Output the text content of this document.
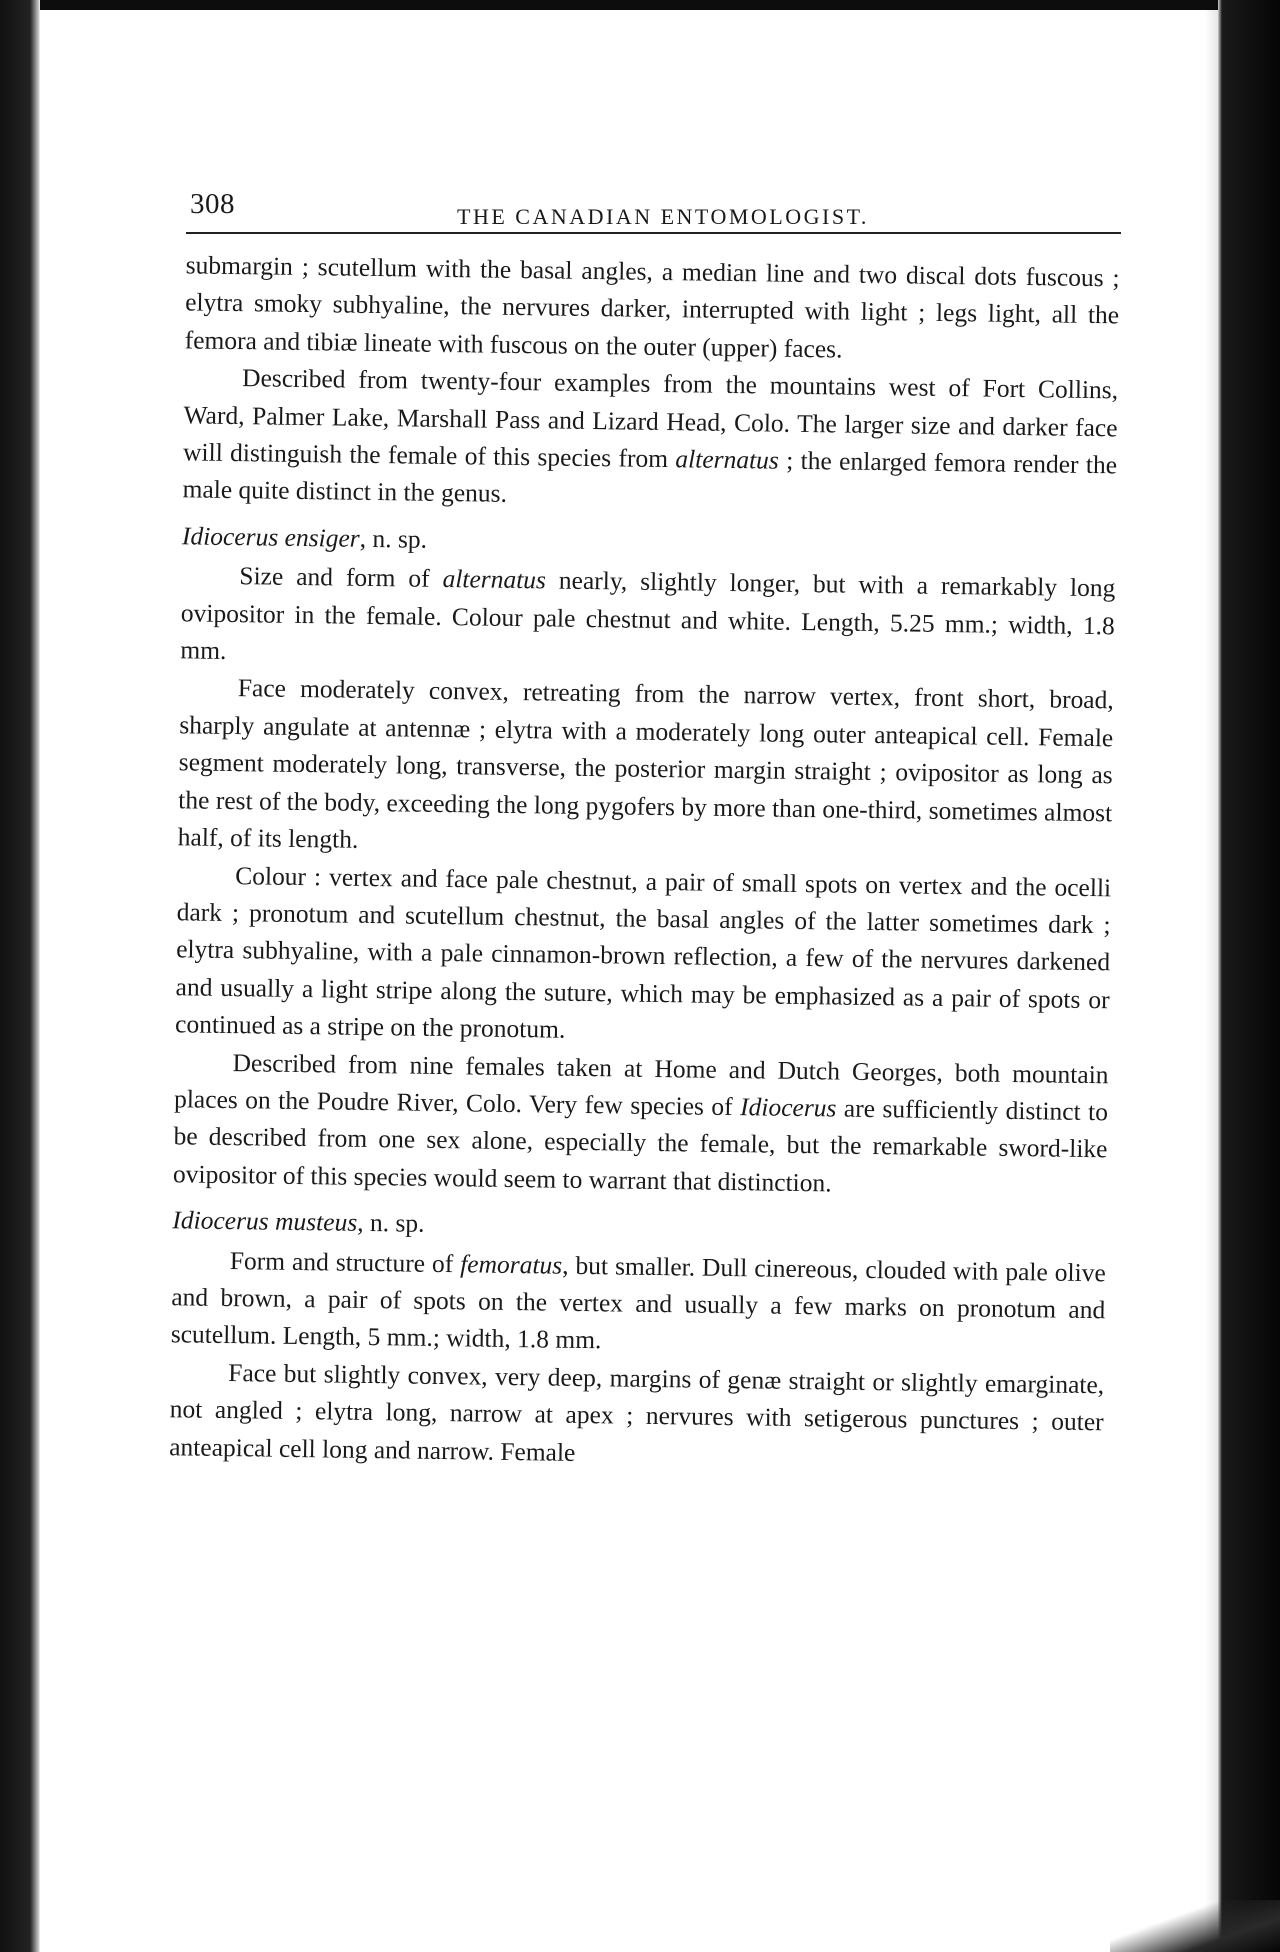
308	THE CANADIAN ENTOMOLOGIST.

submargin ; scutellum with the basal angles, a median line and two discal dots fuscous ; elytra smoky subhyaline, the nervures darker, interrupted with light ; legs light, all the femora and tibiæ lineate with fuscous on the outer (upper) faces.

Described from twenty-four examples from the mountains west of Fort Collins, Ward, Palmer Lake, Marshall Pass and Lizard Head, Colo. The larger size and darker face will distinguish the female of this species from alternatus ; the enlarged femora render the male quite distinct in the genus.

Idiocerus ensiger, n. sp.

Size and form of alternatus nearly, slightly longer, but with a remarkably long ovipositor in the female. Colour pale chestnut and white. Length, 5.25 mm.; width, 1.8 mm.

Face moderately convex, retreating from the narrow vertex, front short, broad, sharply angulate at antennæ ; elytra with a moderately long outer anteapical cell. Female segment moderately long, transverse, the posterior margin straight ; ovipositor as long as the rest of the body, exceeding the long pygofers by more than one-third, sometimes almost half, of its length.

Colour : vertex and face pale chestnut, a pair of small spots on vertex and the ocelli dark ; pronotum and scutellum chestnut, the basal angles of the latter sometimes dark ; elytra subhyaline, with a pale cinnamon-brown reflection, a few of the nervures darkened and usually a light stripe along the suture, which may be emphasized as a pair of spots or continued as a stripe on the pronotum.

Described from nine females taken at Home and Dutch Georges, both mountain places on the Poudre River, Colo. Very few species of Idiocerus are sufficiently distinct to be described from one sex alone, especially the female, but the remarkable sword-like ovipositor of this species would seem to warrant that distinction.

Idiocerus musteus, n. sp.

Form and structure of femoratus, but smaller. Dull cinereous, clouded with pale olive and brown, a pair of spots on the vertex and usually a few marks on pronotum and scutellum. Length, 5 mm.; width, 1.8 mm.

Face but slightly convex, very deep, margins of genæ straight or slightly emarginate, not angled ; elytra long, narrow at apex ; nervures with setigerous punctures ; outer anteapical cell long and narrow. Female
